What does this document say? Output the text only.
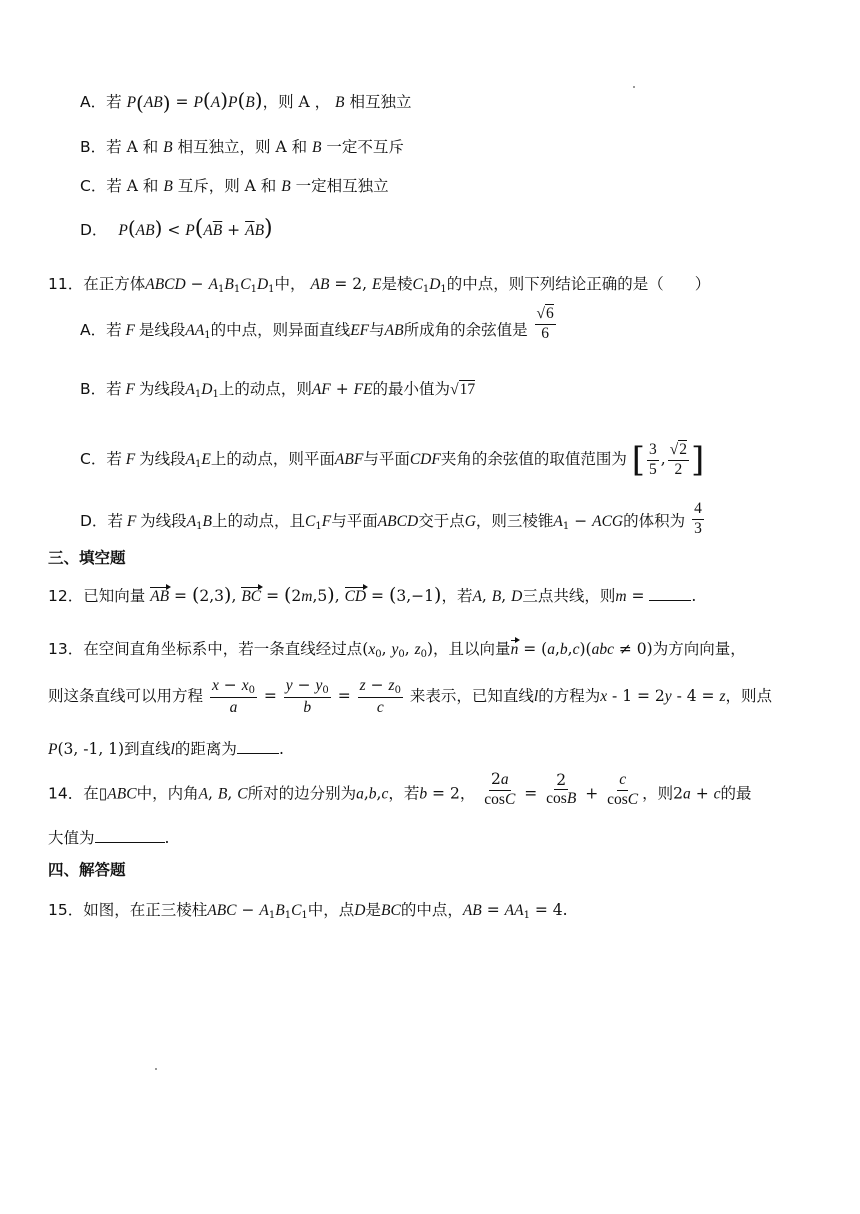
A．若 P(AB) = P(A)P(B)，则 A ， B 相互独立
B．若 A 和 B 相互独立，则 A 和 B 一定不互斥
C．若 A 和 B 互斥，则 A 和 B 一定相互独立
D． $P(AB) < P(A\overline{B} + \overline{A}B)$
11．在正方体ABCD − $A_1B_1C_1D_1$中， AB = 2, E是棱$C_1D_1$的中点，则下列结论正确的是（　　）
A．若 F 是线段$AA_1$的中点，则异面直线EF与AB所成角的余弦值是 $\frac{√6}{6}$
B．若 F 为线段$A_1D_1$上的动点，则AF + FE的最小值为√17
C．若 F 为线段$A_1E$上的动点，则平面ABF与平面CDF夹角的余弦值的取值范围为 [ $\frac{3}{5}$ , $\frac{√2}{2}$ ]
D．若 F 为线段$A_1B$上的动点，且$C_1F$与平面ABCD交于点G，则三棱锥$A_1$ − ACG的体积为 $\frac{4}{3}$
三、填空题
12．已知向量 AB = (2,3), BC = (2m,5), CD = (3,−1)，若A, B, D三点共线，则m =	.
13．在空间直角坐标系中，若一条直线经过点($x_0$, $y_0$, $z_0$)，且以向量n = (a,b,c)(abc ≠ 0)为方向向量，
则这条直线可以用方程 $\frac{x - x_0}{a} = \frac{y - y_0}{b} = \frac{z - z_0}{c}$ 来表示，已知直线l的方程为x - 1 = 2y - 4 = z，则点
P(3, -1, 1)到直线l的距离为	.
14．在▯ABC中，内角A, B, C所对的边分别为a,b,c，若b = 2， $\frac{2a}{\cos C} = \frac{2}{\cos B} + \frac{c}{\cos C}$ ，则2a + c的最
大值为	.
四、解答题
15．如图，在正三棱柱ABC − $A_1B_1C_1$中，点D是BC的中点，AB = $AA_1 = 4$.
